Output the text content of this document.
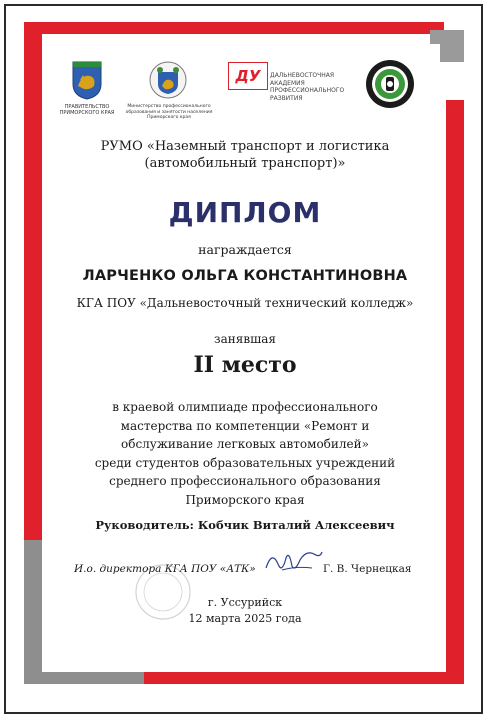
ПРАВИТЕЛЬСТВО ПРИМОРСКОГО КРАЯ
Министерство профессионального образования и занятости населения Приморского края
ДУ ДАЛЬНЕВОСТОЧНАЯ АКАДЕМИЯ ПРОФЕССИОНАЛЬНОГО РАЗВИТИЯ
РУМО «Наземный транспорт и логистика
(автомобильный транспорт)»
ДИПЛОМ
награждается
ЛАРЧЕНКО ОЛЬГА КОНСТАНТИНОВНА
КГА ПОУ «Дальневосточный технический колледж»
занявшая
II место
в краевой олимпиаде профессионального
мастерства по компетенции «Ремонт и
обслуживание легковых автомобилей»
среди студентов образовательных учреждений
среднего профессионального образования
Приморского края
Руководитель: Кобчик Виталий Алексеевич
И.о. директора КГА ПОУ «АТК»	Г. В. Чернецкая
г. Уссурийск
12 марта 2025 года
